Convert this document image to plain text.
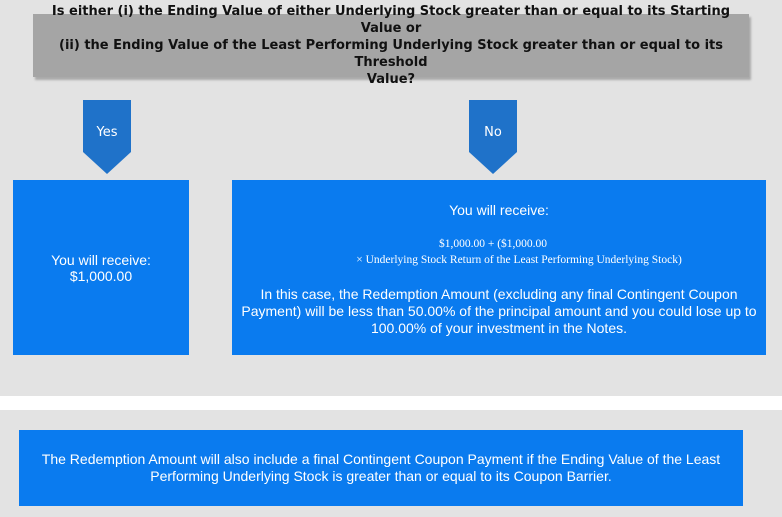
Is either (i) the Ending Value of either Underlying Stock greater than or equal to its Starting Value or
(ii) the Ending Value of the Least Performing Underlying Stock greater than or equal to its Threshold
Value?
Yes	No
You will receive:
$1,000.00
You will receive:
$1,000.00 + ($1,000.00
× Underlying Stock Return of the Least Performing Underlying Stock)
In this case, the Redemption Amount (excluding any final Contingent Coupon Payment) will be less than 50.00% of the principal amount and you could lose up to 100.00% of your investment in the Notes.
The Redemption Amount will also include a final Contingent Coupon Payment if the Ending Value of the Least Performing Underlying Stock is greater than or equal to its Coupon Barrier.
